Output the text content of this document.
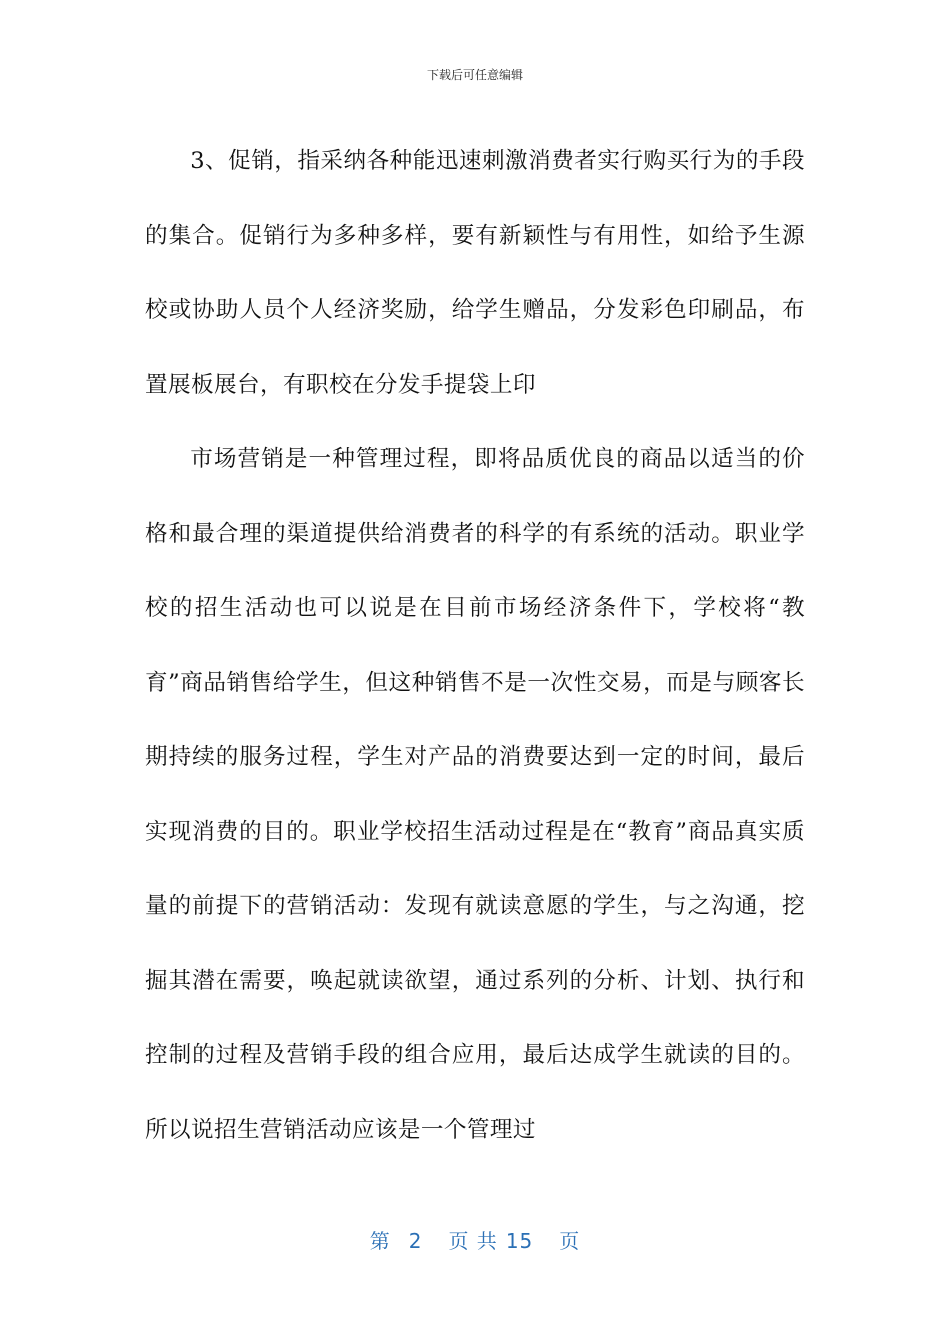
下载后可任意编辑

3、促销，指采纳各种能迅速刺激消费者实行购买行为的手段的集合。促销行为多种多样，要有新颖性与有用性，如给予生源校或协助人员个人经济奖励，给学生赠品，分发彩色印刷品，布置展板展台，有职校在分发手提袋上印

市场营销是一种管理过程，即将品质优良的商品以适当的价格和最合理的渠道提供给消费者的科学的有系统的活动。职业学校的招生活动也可以说是在目前市场经济条件下，学校将“教育”商品销售给学生，但这种销售不是一次性交易，而是与顾客长期持续的服务过程，学生对产品的消费要达到一定的时间，最后实现消费的目的。职业学校招生活动过程是在“教育”商品真实质量的前提下的营销活动：发现有就读意愿的学生，与之沟通，挖掘其潜在需要，唤起就读欲望，通过系列的分析、计划、执行和控制的过程及营销手段的组合应用，最后达成学生就读的目的。所以说招生营销活动应该是一个管理过

第 2 页 共 15 页
